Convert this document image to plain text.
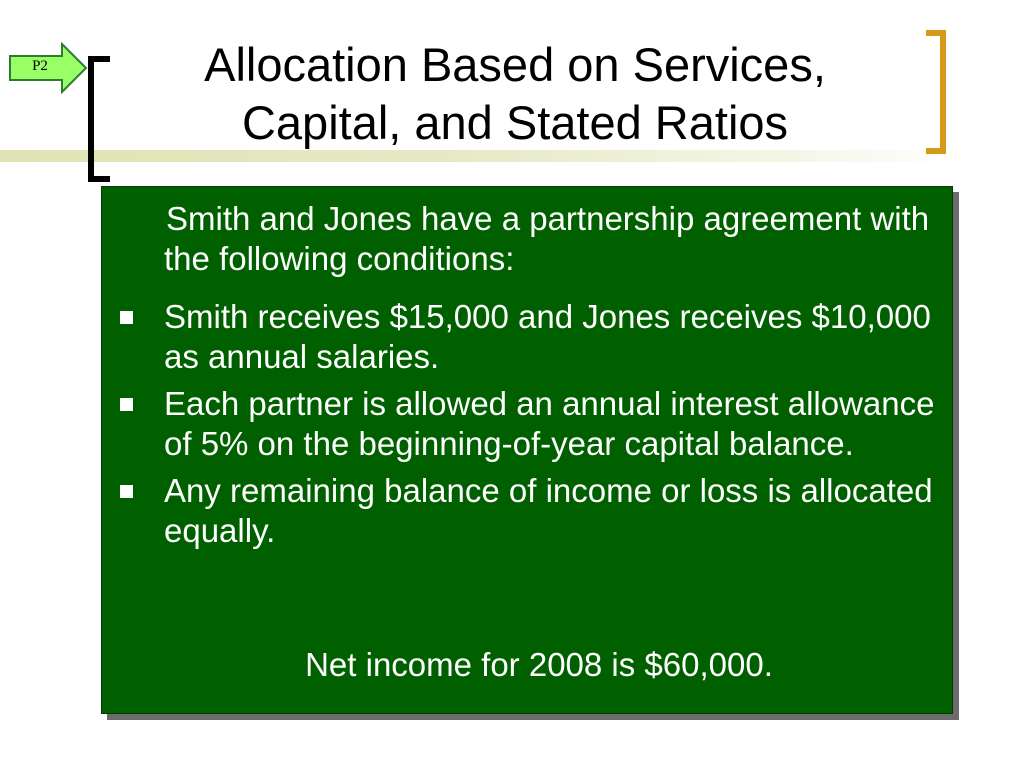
P2	Allocation Based on Services,
Capital, and Stated Ratios

Smith and Jones have a partnership agreement with the following conditions:

Smith receives $15,000 and Jones receives $10,000 as annual salaries.
Each partner is allowed an annual interest allowance of 5% on the beginning-of-year capital balance.
Any remaining balance of income or loss is allocated equally.

Net income for 2008 is $60,000.
